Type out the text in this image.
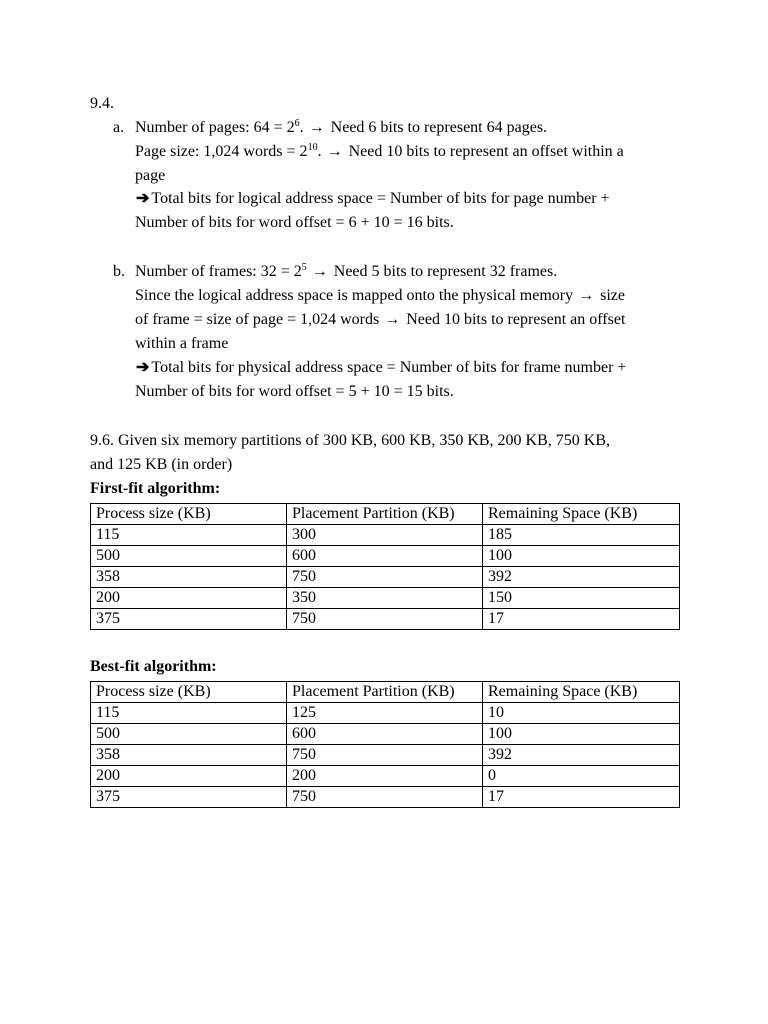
9.4.
a. Number of pages: $64 = 2^6$. → Need 6 bits to represent 64 pages.
Page size: 1,024 words = $2^{10}$. → Need 10 bits to represent an offset within a
page
➔ Total bits for logical address space = Number of bits for page number +
Number of bits for word offset = 6 + 10 = 16 bits.
b. Number of frames: $32 = 2^5$ → Need 5 bits to represent 32 frames.
Since the logical address space is mapped onto the physical memory → size
of frame = size of page = 1,024 words → Need 10 bits to represent an offset
within a frame
➔ Total bits for physical address space = Number of bits for frame number +
Number of bits for word offset = 5 + 10 = 15 bits.
9.6. Given six memory partitions of 300 KB, 600 KB, 350 KB, 200 KB, 750 KB,
and 125 KB (in order)
First-fit algorithm:
Process size (KB)	Placement Partition (KB)	Remaining Space (KB)
115	300	185
500	600	100
358	750	392
200	350	150
375	750	17
Best-fit algorithm:
Process size (KB)	Placement Partition (KB)	Remaining Space (KB)
115	125	10
500	600	100
358	750	392
200	200	0
375	750	17
